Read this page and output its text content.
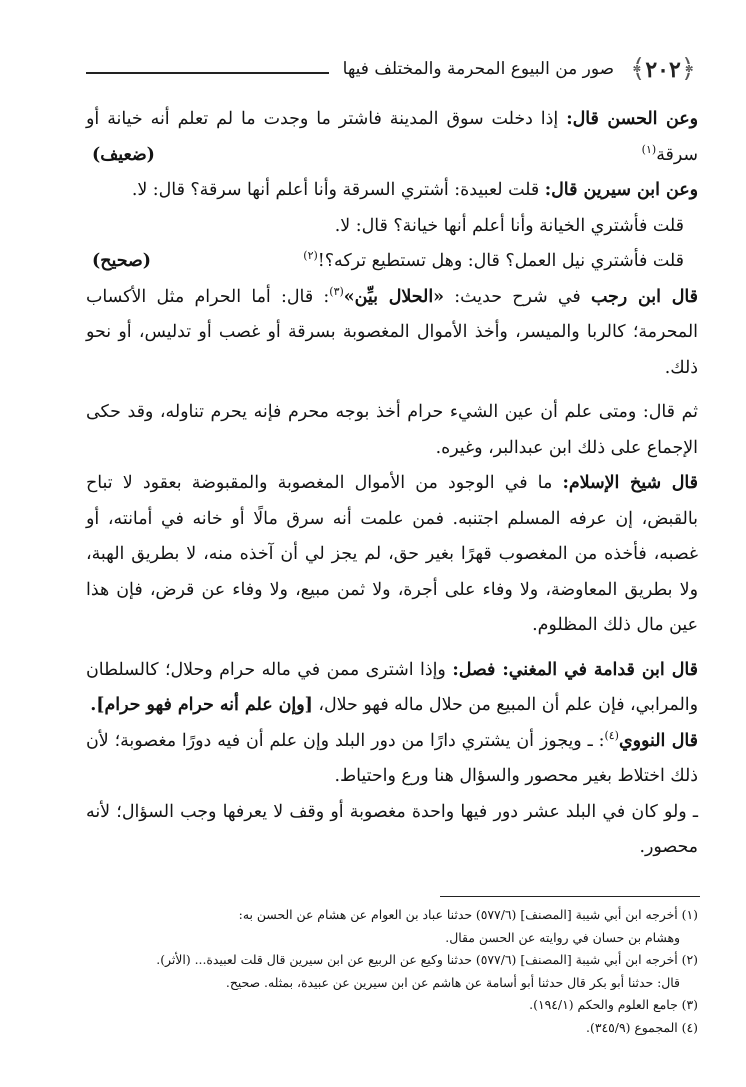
﴿٢٠٢﴾
صور من البيوع المحرمة والمختلف فيها

وعن الحسن قال: إذا دخلت سوق المدينة فاشتر ما وجدت ما لم تعلم أنه خيانة أو سرقة$^{(١)}$
(ضعيف)

وعن ابن سيرين قال: قلت لعبيدة: أشتري السرقة وأنا أعلم أنها سرقة؟ قال: لا.

قلت فأشتري الخيانة وأنا أعلم أنها خيانة؟ قال: لا.

قلت فأشتري نيل العمل؟ قال: وهل تستطيع تركه؟!$^{(٢)}$
(صحيح)

قال ابن رجب في شرح حديث: «الحلال بيِّن»$^{(٣)}$: قال: أما الحرام مثل الأكساب المحرمة؛ كالربا والميسر، وأخذ الأموال المغصوبة بسرقة أو غصب أو تدليس، أو نحو ذلك.

ثم قال: ومتى علم أن عين الشيء حرام أخذ بوجه محرم فإنه يحرم تناوله، وقد حكى الإجماع على ذلك ابن عبدالبر، وغيره.

قال شيخ الإسلام: ما في الوجود من الأموال المغصوبة والمقبوضة بعقود لا تباح بالقبض، إن عرفه المسلم اجتنبه. فمن علمت أنه سرق مالًا أو خانه في أمانته، أو غصبه، فأخذه من المغصوب قهرًا بغير حق، لم يجز لي أن آخذه منه، لا بطريق الهبة، ولا بطريق المعاوضة، ولا وفاء على أجرة، ولا ثمن مبيع، ولا وفاء عن قرض، فإن هذا عين مال ذلك المظلوم.

قال ابن قدامة في المغني: فصل: وإذا اشترى ممن في ماله حرام وحلال؛ كالسلطان والمرابي، فإن علم أن المبيع من حلال ماله فهو حلال، [وإن علم أنه حرام فهو حرام].

قال النووي$^{(٤)}$: ـ ويجوز أن يشتري دارًا من دور البلد وإن علم أن فيه دورًا مغصوبة؛ لأن ذلك اختلاط بغير محصور والسؤال هنا ورع واحتياط.

ـ ولو كان في البلد عشر دور فيها واحدة مغصوبة أو وقف لا يعرفها وجب السؤال؛ لأنه محصور.

(١) أخرجه ابن أبي شيبة [المصنف] (٥٧٧/٦) حدثنا عباد بن العوام عن هشام عن الحسن به:

وهشام بن حسان في روايته عن الحسن مقال.

(٢) أخرجه ابن أبي شيبة [المصنف] (٥٧٧/٦) حدثنا وكيع عن الربيع عن ابن سيرين قال قلت لعبيدة... (الأثر).

قال: حدثنا أبو بكر قال حدثنا أبو أسامة عن هاشم عن ابن سيرين عن عبيدة، بمثله. صحيح.

(٣) جامع العلوم والحكم (١٩٤/١).

(٤) المجموع (٣٤٥/٩).
